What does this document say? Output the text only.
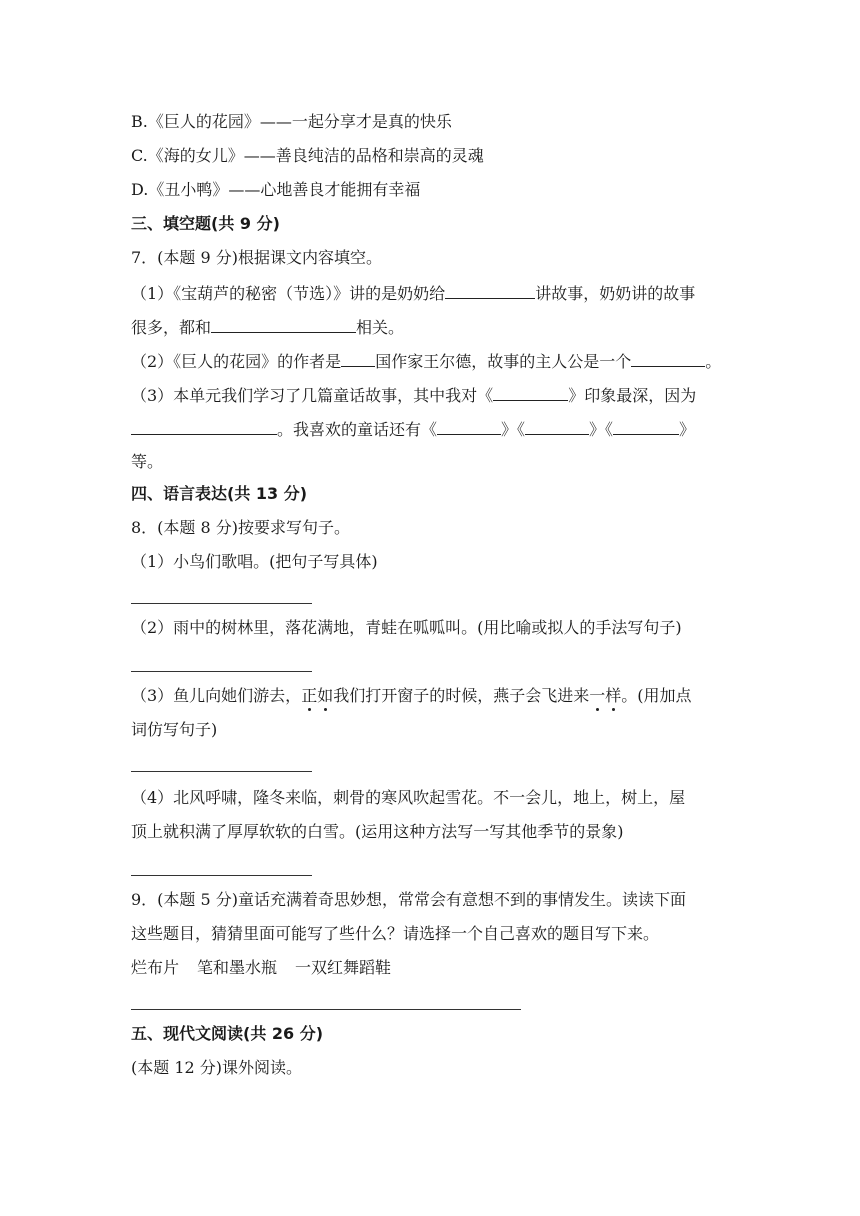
B.《巨人的花园》——一起分享才是真的快乐
C.《海的女儿》——善良纯洁的品格和崇高的灵魂
D.《丑小鸭》——心地善良才能拥有幸福
三、填空题(共 9 分)
7．(本题 9 分)根据课文内容填空。
（1）《宝葫芦的秘密（节选）》讲的是奶奶给	讲故事，奶奶讲的故事
很多，都和	相关。
（2）《巨人的花园》的作者是 国作家王尔德，故事的主人公是一个	。
（3）本单元我们学习了几篇童话故事，其中我对《	》印象最深，因为
。我喜欢的童话还有《	》《	》《	》
等。
四、语言表达(共 13 分)
8．(本题 8 分)按要求写句子。
（1）小鸟们歌唱。(把句子写具体)
（2）雨中的树林里，落花满地，青蛙在呱呱叫。(用比喻或拟人的手法写句子)
（3）鱼儿向她们游去，正如我们打开窗子的时候，燕子会飞进来一样。(用加点
词仿写句子)
（4）北风呼啸，隆冬来临，刺骨的寒风吹起雪花。不一会儿，地上，树上，屋
顶上就积满了厚厚软软的白雪。(运用这种方法写一写其他季节的景象)
9．(本题 5 分)童话充满着奇思妙想，常常会有意想不到的事情发生。读读下面
这些题目，猜猜里面可能写了些什么？请选择一个自己喜欢的题目写下来。
烂布片 笔和墨水瓶 一双红舞蹈鞋
五、现代文阅读(共 26 分)
(本题 12 分)课外阅读。
